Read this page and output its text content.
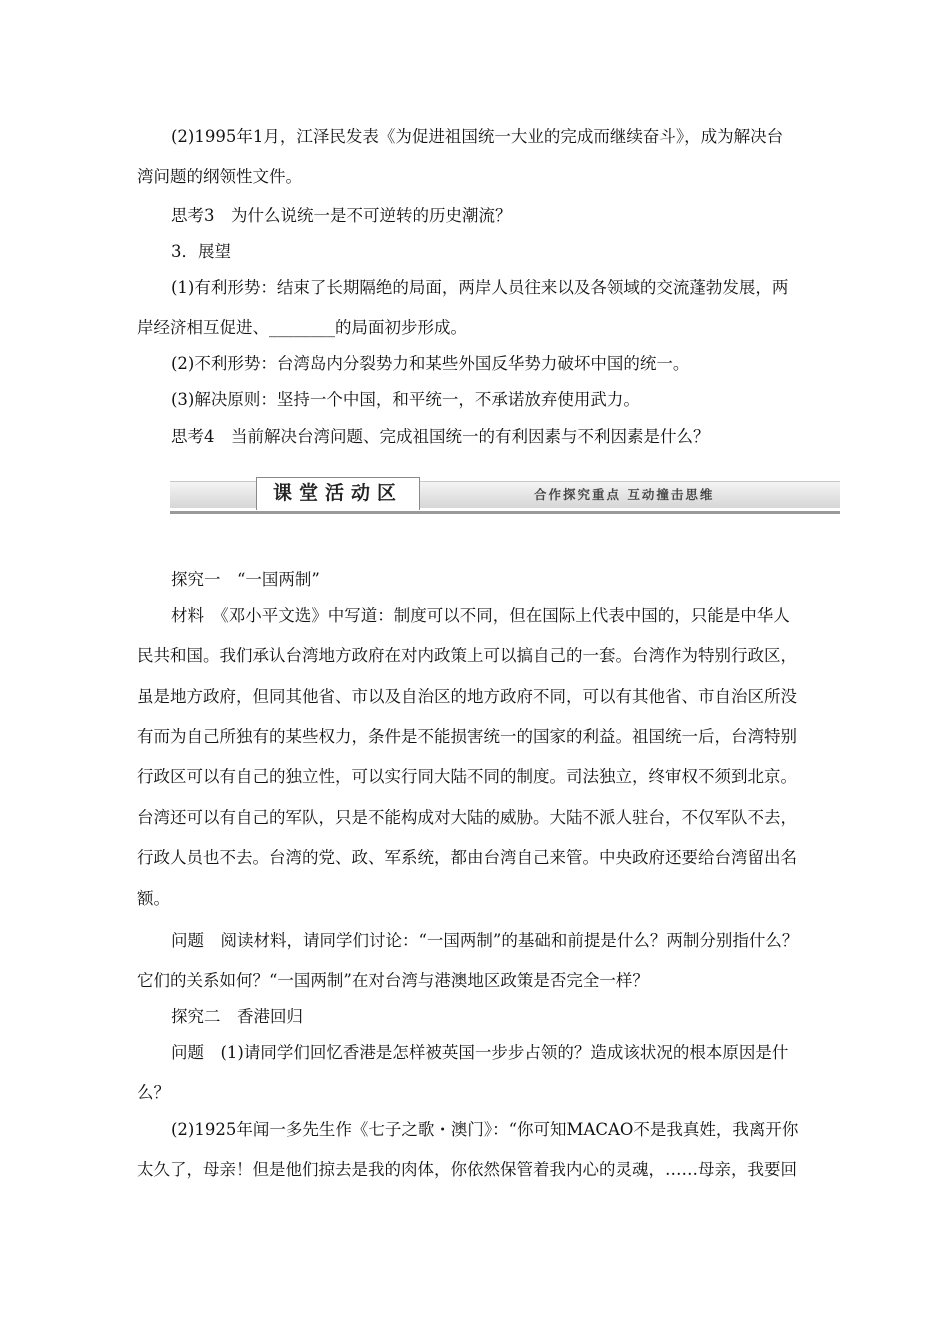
(2)1995年1月，江泽民发表《为促进祖国统一大业的完成而继续奋斗》，成为解决台
湾问题的纲领性文件。
思考3　为什么说统一是不可逆转的历史潮流？
3．展望
(1)有利形势：结束了长期隔绝的局面，两岸人员往来以及各领域的交流蓬勃发展，两
岸经济相互促进、________的局面初步形成。
(2)不利形势：台湾岛内分裂势力和某些外国反华势力破坏中国的统一。
(3)解决原则：坚持一个中国，和平统一，不承诺放弃使用武力。
思考4　当前解决台湾问题、完成祖国统一的有利因素与不利因素是什么？
课堂活动区	合作探究重点 互动撞击思维
探究一　“一国两制”
材料　《邓小平文选》中写道：制度可以不同，但在国际上代表中国的，只能是中华人
民共和国。我们承认台湾地方政府在对内政策上可以搞自己的一套。台湾作为特别行政区，
虽是地方政府，但同其他省、市以及自治区的地方政府不同，可以有其他省、市自治区所没
有而为自己所独有的某些权力，条件是不能损害统一的国家的利益。祖国统一后，台湾特别
行政区可以有自己的独立性，可以实行同大陆不同的制度。司法独立，终审权不须到北京。
台湾还可以有自己的军队，只是不能构成对大陆的威胁。大陆不派人驻台，不仅军队不去，
行政人员也不去。台湾的党、政、军系统，都由台湾自己来管。中央政府还要给台湾留出名
额。
问题　阅读材料，请同学们讨论：“一国两制”的基础和前提是什么？两制分别指什么？
它们的关系如何？“一国两制”在对台湾与港澳地区政策是否完全一样？
探究二　香港回归
问题　(1)请同学们回忆香港是怎样被英国一步步占领的？造成该状况的根本原因是什
么？
(2)1925年闻一多先生作《七子之歌・澳门》：“你可知MACAO不是我真姓，我离开你
太久了，母亲！但是他们掠去是我的肉体，你依然保管着我内心的灵魂，……母亲，我要回
